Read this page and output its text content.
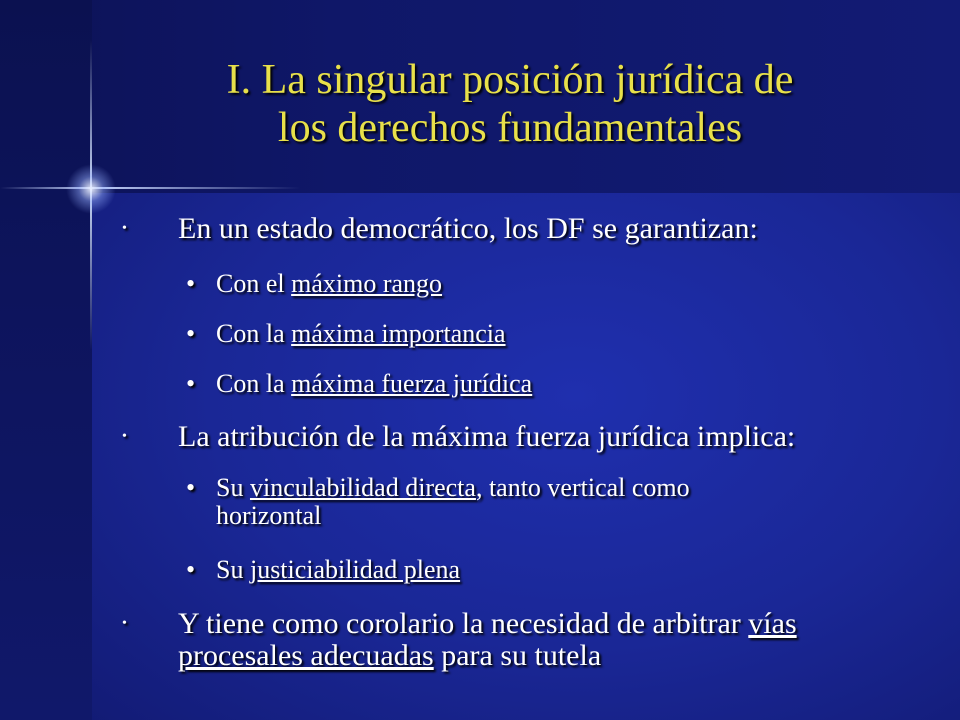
I. La singular posición jurídica de
los derechos fundamentales
• En un estado democrático, los DF se garantizan:
• Con el máximo rango
• Con la máxima importancia
• Con la máxima fuerza jurídica
• La atribución de la máxima fuerza jurídica implica:
• Su vinculabilidad directa, tanto vertical como
horizontal
• Su justiciabilidad plena
• Y tiene como corolario la necesidad de arbitrar vías
procesales adecuadas para su tutela
